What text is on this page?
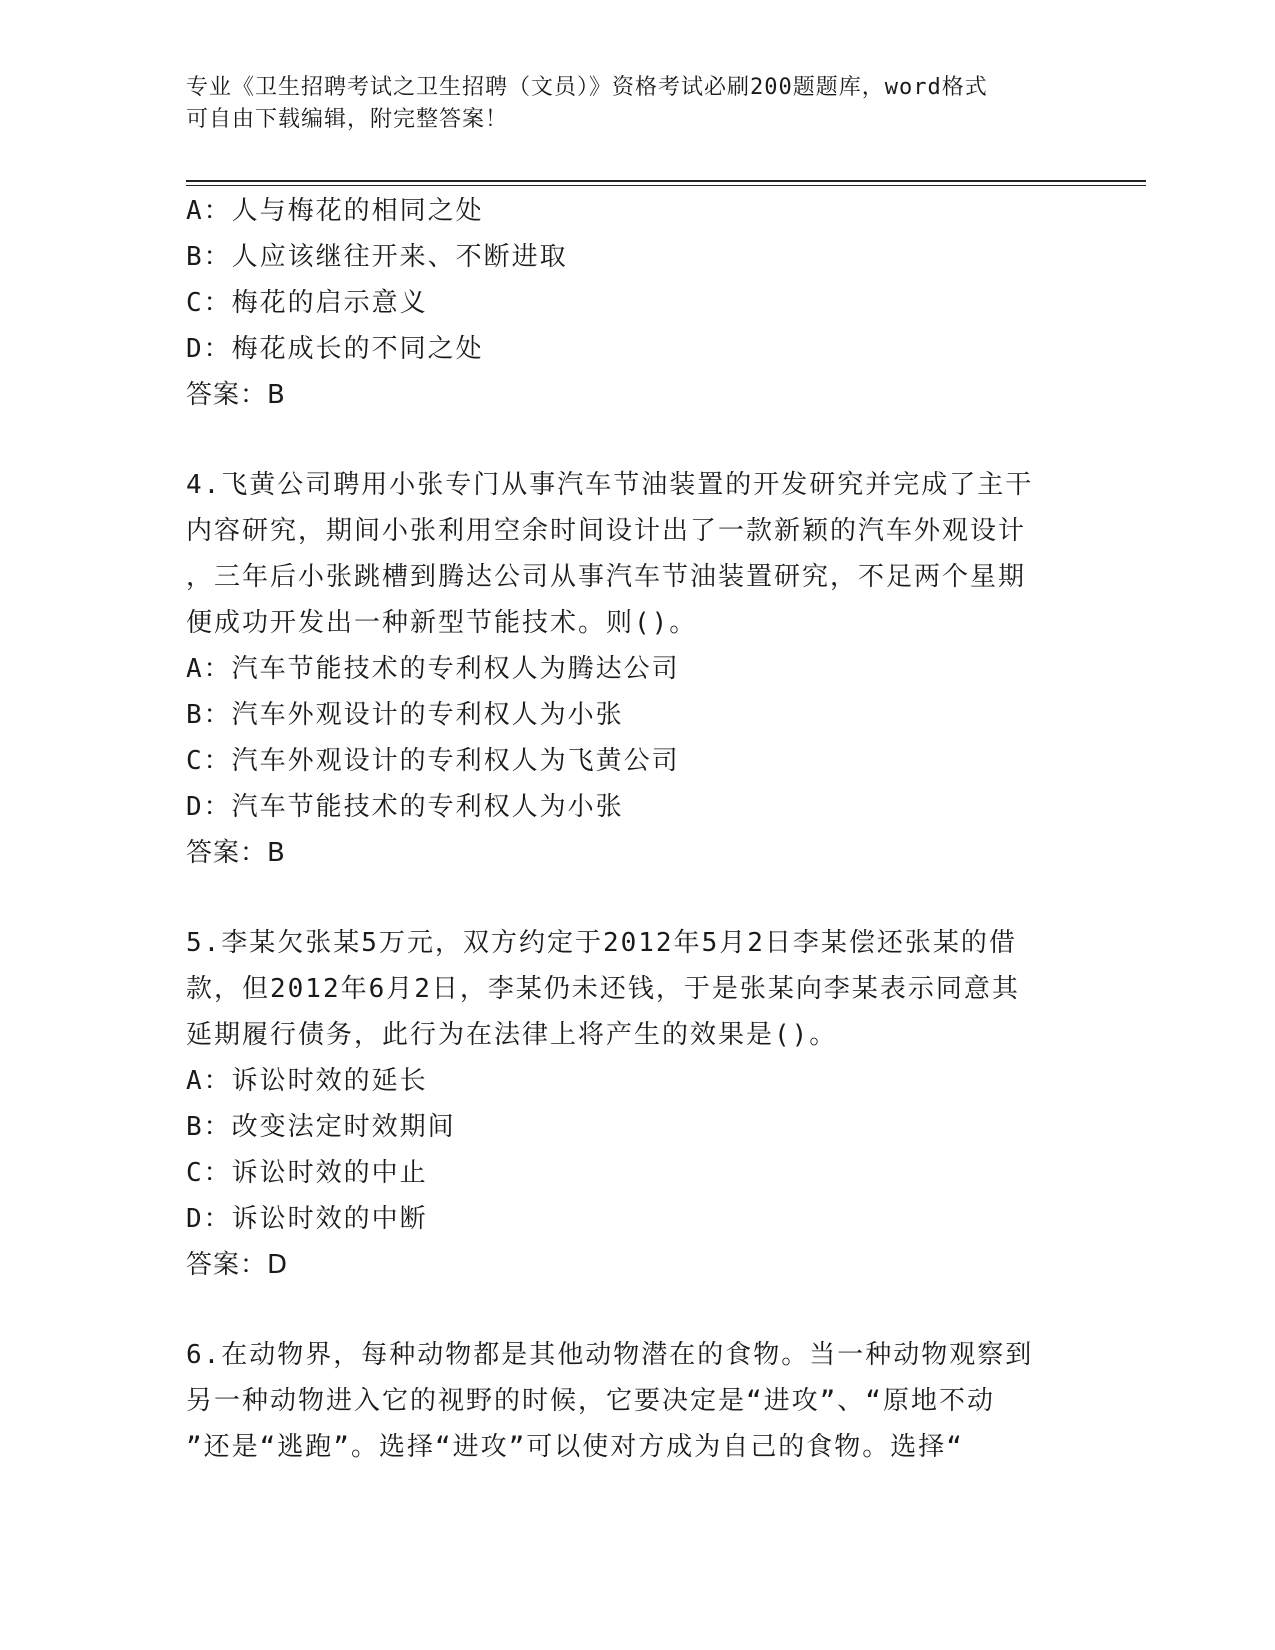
专业《卫生招聘考试之卫生招聘（文员）》资格考试必刷200题题库，word格式
可自由下载编辑，附完整答案！
A：人与梅花的相同之处
B：人应该继往开来、不断进取
C：梅花的启示意义
D：梅花成长的不同之处
答案：B
4.飞黄公司聘用小张专门从事汽车节油装置的开发研究并完成了主干
内容研究，期间小张利用空余时间设计出了一款新颖的汽车外观设计
，三年后小张跳槽到腾达公司从事汽车节油装置研究，不足两个星期
便成功开发出一种新型节能技术。则()。
A：汽车节能技术的专利权人为腾达公司
B：汽车外观设计的专利权人为小张
C：汽车外观设计的专利权人为飞黄公司
D：汽车节能技术的专利权人为小张
答案：B
5.李某欠张某5万元，双方约定于2012年5月2日李某偿还张某的借
款，但2012年6月2日，李某仍未还钱，于是张某向李某表示同意其
延期履行债务，此行为在法律上将产生的效果是()。
A：诉讼时效的延长
B：改变法定时效期间
C：诉讼时效的中止
D：诉讼时效的中断
答案：D
6.在动物界，每种动物都是其他动物潜在的食物。当一种动物观察到
另一种动物进入它的视野的时候，它要决定是“进攻”、“原地不动
”还是“逃跑”。选择“进攻”可以使对方成为自己的食物。选择“
